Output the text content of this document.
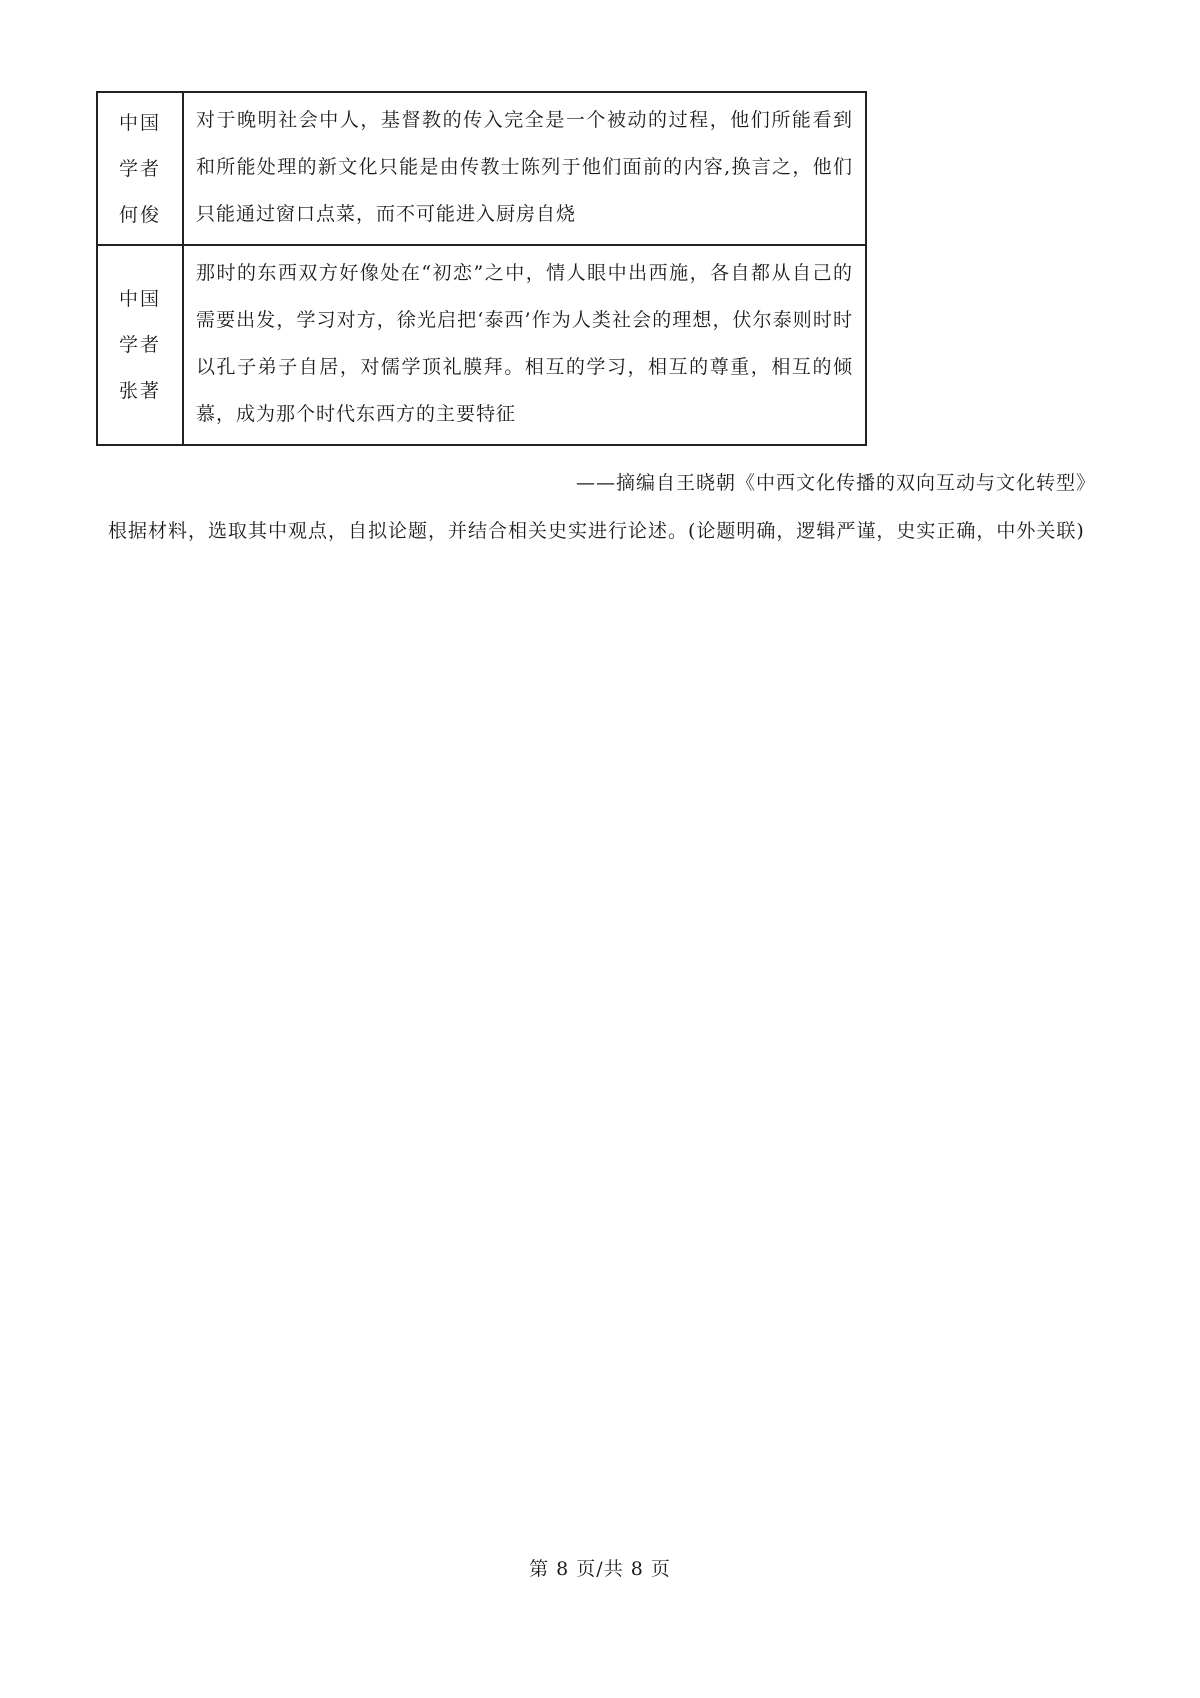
中国
学者
何俊	对于晚明社会中人，基督教的传入完全是一个被动的过程，他们所能看到和所能处理的新文化只能是由传教士陈列于他们面前的内容,换言之，他们只能通过窗口点菜，而不可能进入厨房自烧

中国
学者
张著	那时的东西双方好像处在“初恋”之中，情人眼中出西施，各自都从自己的需要出发，学习对方，徐光启把‘泰西’作为人类社会的理想，伏尔泰则时时以孔子弟子自居，对儒学顶礼膜拜。相互的学习，相互的尊重，相互的倾慕，成为那个时代东西方的主要特征
——摘编自王晓朝《中西文化传播的双向互动与文化转型》
根据材料，选取其中观点，自拟论题，并结合相关史实进行论述。(论题明确，逻辑严谨，史实正确，中外关联)
第 8 页/共 8 页
